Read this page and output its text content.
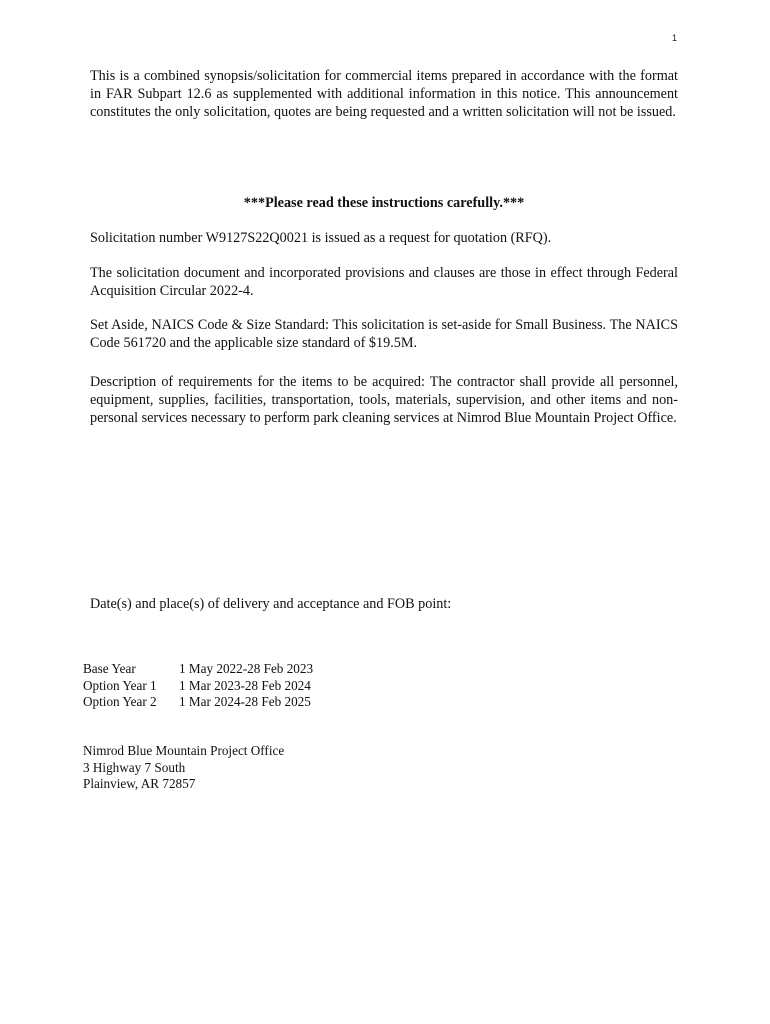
1

This is a combined synopsis/solicitation for commercial items prepared in accordance with the format in FAR Subpart 12.6 as supplemented with additional information in this notice. This announcement constitutes the only solicitation, quotes are being requested and a written solicitation will not be issued.

***Please read these instructions carefully.***

Solicitation number W9127S22Q0021 is issued as a request for quotation (RFQ).

The solicitation document and incorporated provisions and clauses are those in effect through Federal Acquisition Circular 2022-4.

Set Aside, NAICS Code & Size Standard: This solicitation is set-aside for Small Business. The NAICS Code 561720 and the applicable size standard of $19.5M.

Description of requirements for the items to be acquired: The contractor shall provide all personnel, equipment, supplies, facilities, transportation, tools, materials, supervision, and other items and non-personal services necessary to perform park cleaning services at Nimrod Blue Mountain Project Office.

Date(s) and place(s) of delivery and acceptance and FOB point:

Base Year	1 May 2022-28 Feb 2023
Option Year 1	1 Mar 2023-28 Feb 2024
Option Year 2	1 Mar 2024-28 Feb 2025
Nimrod Blue Mountain Project Office
3 Highway 7 South
Plainview, AR 72857
